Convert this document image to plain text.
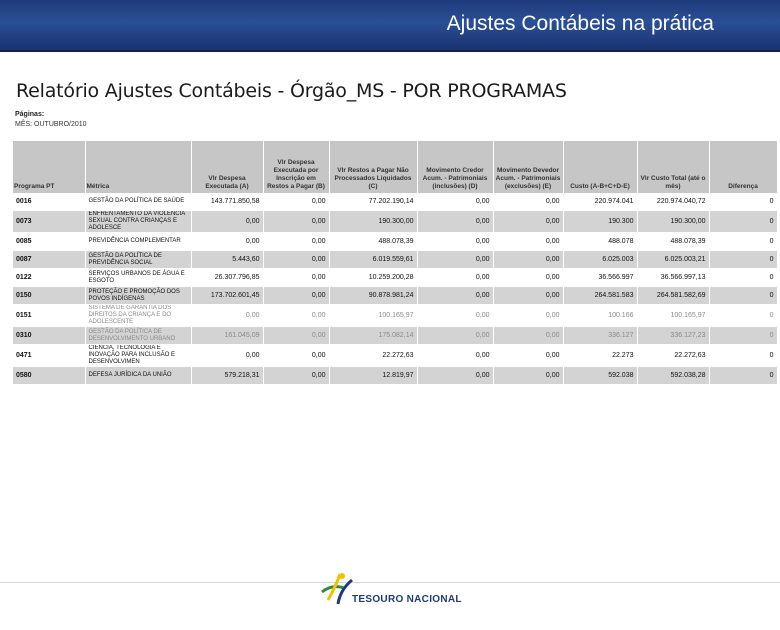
Ajustes Contábeis na prática
Relatório Ajustes Contábeis - Órgão_MS - POR PROGRAMAS
Páginas:
MÊS: OUTUBRO/2010
Programa PT	Métrica	Vlr Despesa Executada (A)	Vlr Despesa Executada por Inscrição em Restos a Pagar (B)	Vlr Restos a Pagar Não Processados Liquidados (C)	Movimento Credor Acum. - Patrimoniais (inclusões) (D)	Movimento Devedor Acum. - Patrimoniais (exclusões) (E)	Custo (A-B+C+D-E)	Vlr Custo Total (até o mês)	Diferença
0016	GESTÃO DA POLÍTICA DE SAÚDE	143.771.850,58	0,00	77.202.190,14	0,00	0,00	220.974.041	220.974.040,72	0
0073	ENFRENTAMENTO DA VIOLÊNCIA SEXUAL CONTRA CRIANÇAS E ADOLESCE	0,00	0,00	190.300,00	0,00	0,00	190.300	190.300,00	0
0085	PREVIDÊNCIA COMPLEMENTAR	0,00	0,00	488.078,39	0,00	0,00	488.078	488.078,39	0
0087	GESTÃO DA POLÍTICA DE PREVIDÊNCIA SOCIAL	5.443,60	0,00	6.019.559,61	0,00	0,00	6.025.003	6.025.003,21	0
0122	SERVIÇOS URBANOS DE ÁGUA E ESGOTO	26.307.796,85	0,00	10.259.200,28	0,00	0,00	36.566.997	36.566.997,13	0
0150	PROTEÇÃO E PROMOÇÃO DOS POVOS INDÍGENAS	173.702.601,45	0,00	90.878.981,24	0,00	0,00	264.581.583	264.581.582,69	0
0151	SISTEMA DE GARANTIA DOS DIREITOS DA CRIANÇA E DO ADOLESCENTE	0,00	0,00	100.165,97	0,00	0,00	100.166	100.165,97	0
0310	GESTÃO DA POLÍTICA DE DESENVOLVIMENTO URBANO	161.045,09	0,00	175.082,14	0,00	0,00	336.127	336.127,23	0
0471	CIÊNCIA, TECNOLOGIA E INOVAÇÃO PARA INCLUSÃO E DESENVOLVIMEN	0,00	0,00	22.272,63	0,00	0,00	22.273	22.272,63	0
0580	DEFESA JURÍDICA DA UNIÃO	579.218,31	0,00	12.819,97	0,00	0,00	592.038	592.038,28	0
TESOURO NACIONAL
